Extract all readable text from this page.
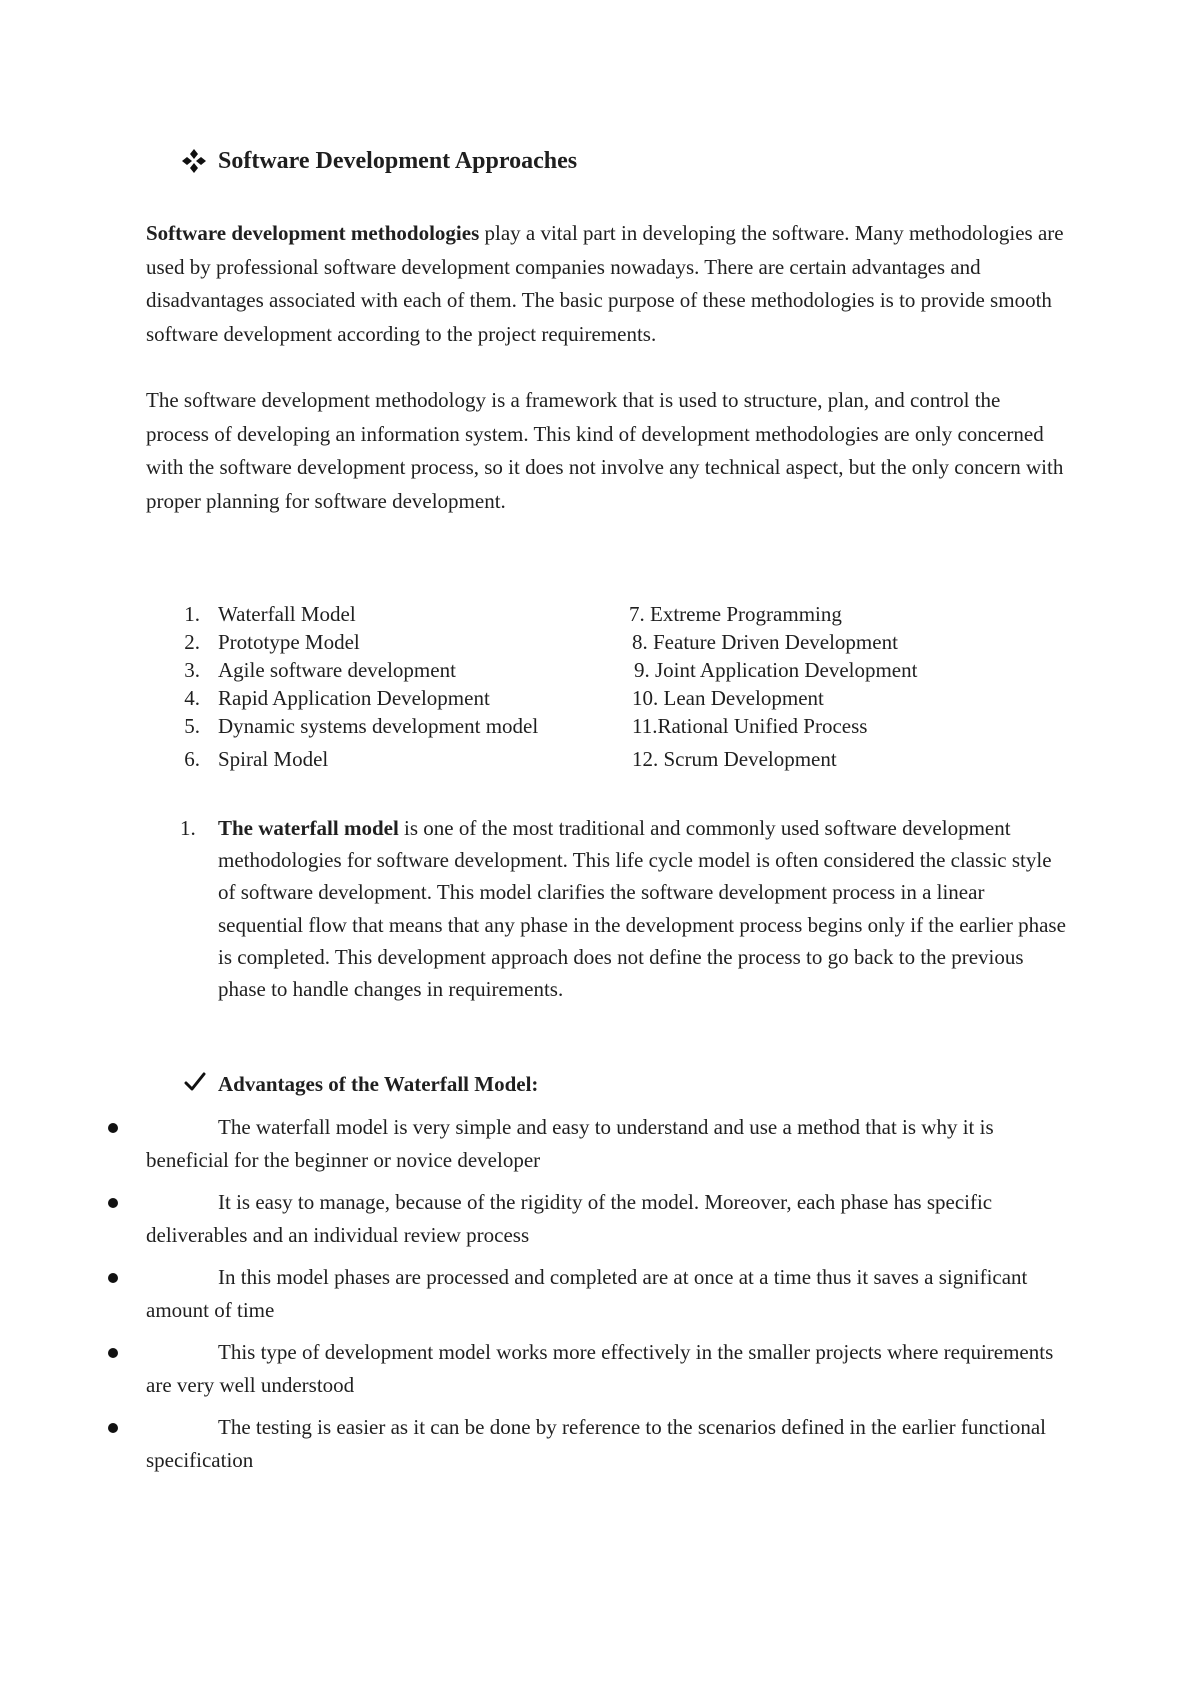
Software Development Approaches
Software development methodologies play a vital part in developing the software. Many methodologies are used by professional software development companies nowadays. There are certain advantages and disadvantages associated with each of them. The basic purpose of these methodologies is to provide smooth software development according to the project requirements.
The software development methodology is a framework that is used to structure, plan, and control the process of developing an information system. This kind of development methodologies are only concerned with the software development process, so it does not involve any technical aspect, but the only concern with proper planning for software development.
1. Waterfall Model
2. Prototype Model
3. Agile software development
4. Rapid Application Development
5. Dynamic systems development model
6. Spiral Model
7. Extreme Programming
8. Feature Driven Development
9. Joint Application Development
10. Lean Development
11.Rational Unified Process
12. Scrum Development
1. The waterfall model is one of the most traditional and commonly used software development methodologies for software development. This life cycle model is often considered the classic style of software development. This model clarifies the software development process in a linear sequential flow that means that any phase in the development process begins only if the earlier phase is completed. This development approach does not define the process to go back to the previous phase to handle changes in requirements.
Advantages of the Waterfall Model:
The waterfall model is very simple and easy to understand and use a method that is why it is beneficial for the beginner or novice developer
It is easy to manage, because of the rigidity of the model. Moreover, each phase has specific deliverables and an individual review process
In this model phases are processed and completed are at once at a time thus it saves a significant amount of time
This type of development model works more effectively in the smaller projects where requirements are very well understood
The testing is easier as it can be done by reference to the scenarios defined in the earlier functional specification
